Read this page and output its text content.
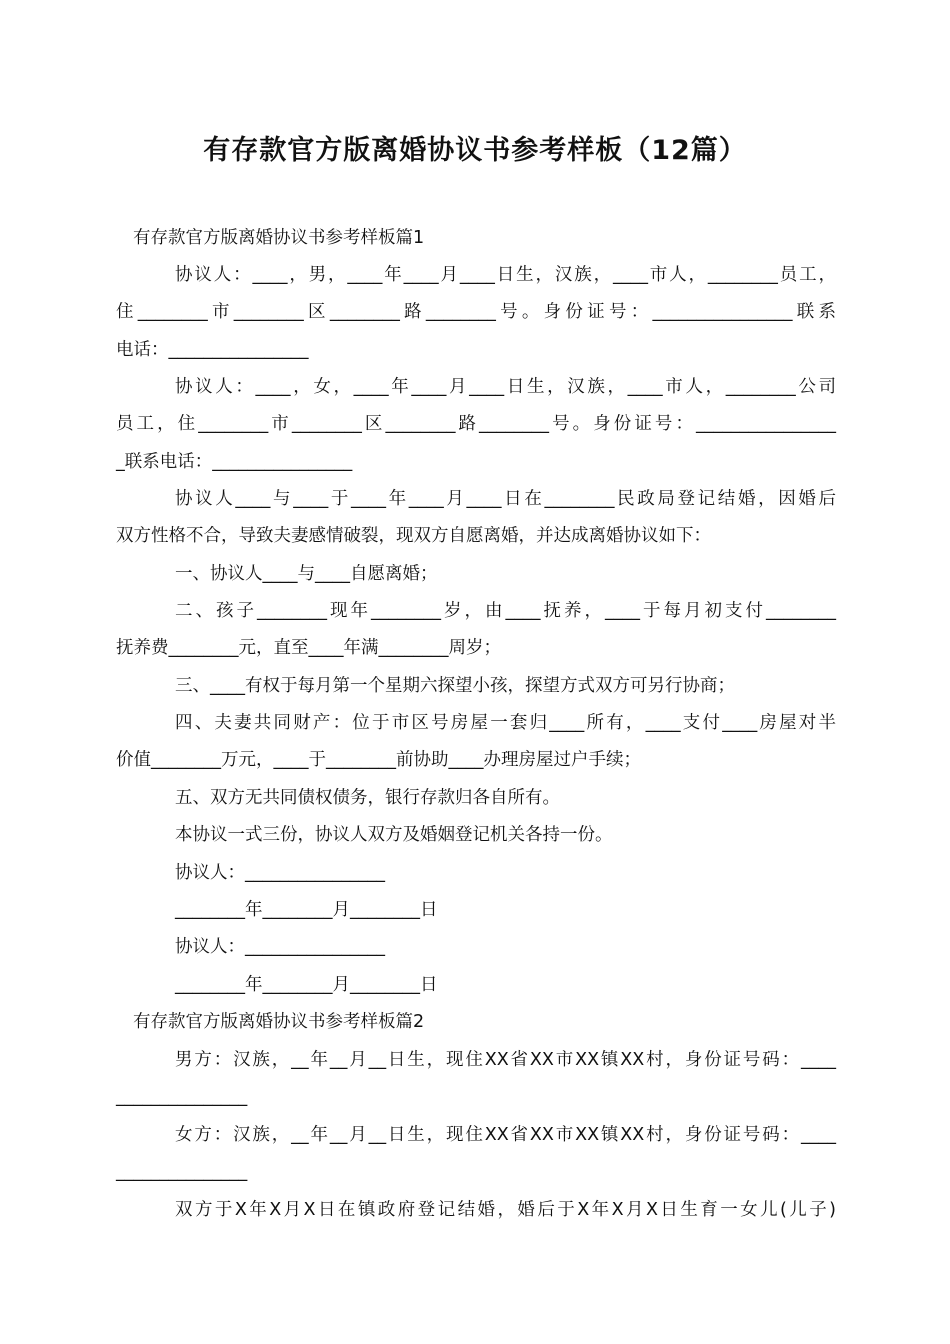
有存款官方版离婚协议书参考样板（12篇）
有存款官方版离婚协议书参考样板篇1
协议人：____，男，____年____月____日生，汉族，____市人，________员工，
住________市________区________路________号。身份证号：________________联系
电话：________________
协议人：____，女，____年____月____日生，汉族，____市人，________公司
员工，住________市________区________路________号。身份证号：________________
_联系电话：________________
协议人____与____于____年____月____日在________民政局登记结婚，因婚后
双方性格不合，导致夫妻感情破裂，现双方自愿离婚，并达成离婚协议如下：
一、协议人____与____自愿离婚；
二、孩子________现年________岁，由____抚养，____于每月初支付________
抚养费________元，直至____年满________周岁；
三、____有权于每月第一个星期六探望小孩，探望方式双方可另行协商；
四、夫妻共同财产：位于市区号房屋一套归____所有，____支付____房屋对半
价值________万元，____于________前协助____办理房屋过户手续；
五、双方无共同债权债务，银行存款归各自所有。
本协议一式三份，协议人双方及婚姻登记机关各持一份。
协议人：________________
________年________月________日
协议人：________________
________年________月________日
有存款官方版离婚协议书参考样板篇2
男方：汉族，__年__月__日生，现住XX省XX市XX镇XX村，身份证号码：____
_______________
女方：汉族，__年__月__日生，现住XX省XX市XX镇XX村，身份证号码：____
_______________
双方于X年X月X日在镇政府登记结婚，婚后于X年X月X日生育一女儿(儿子)
